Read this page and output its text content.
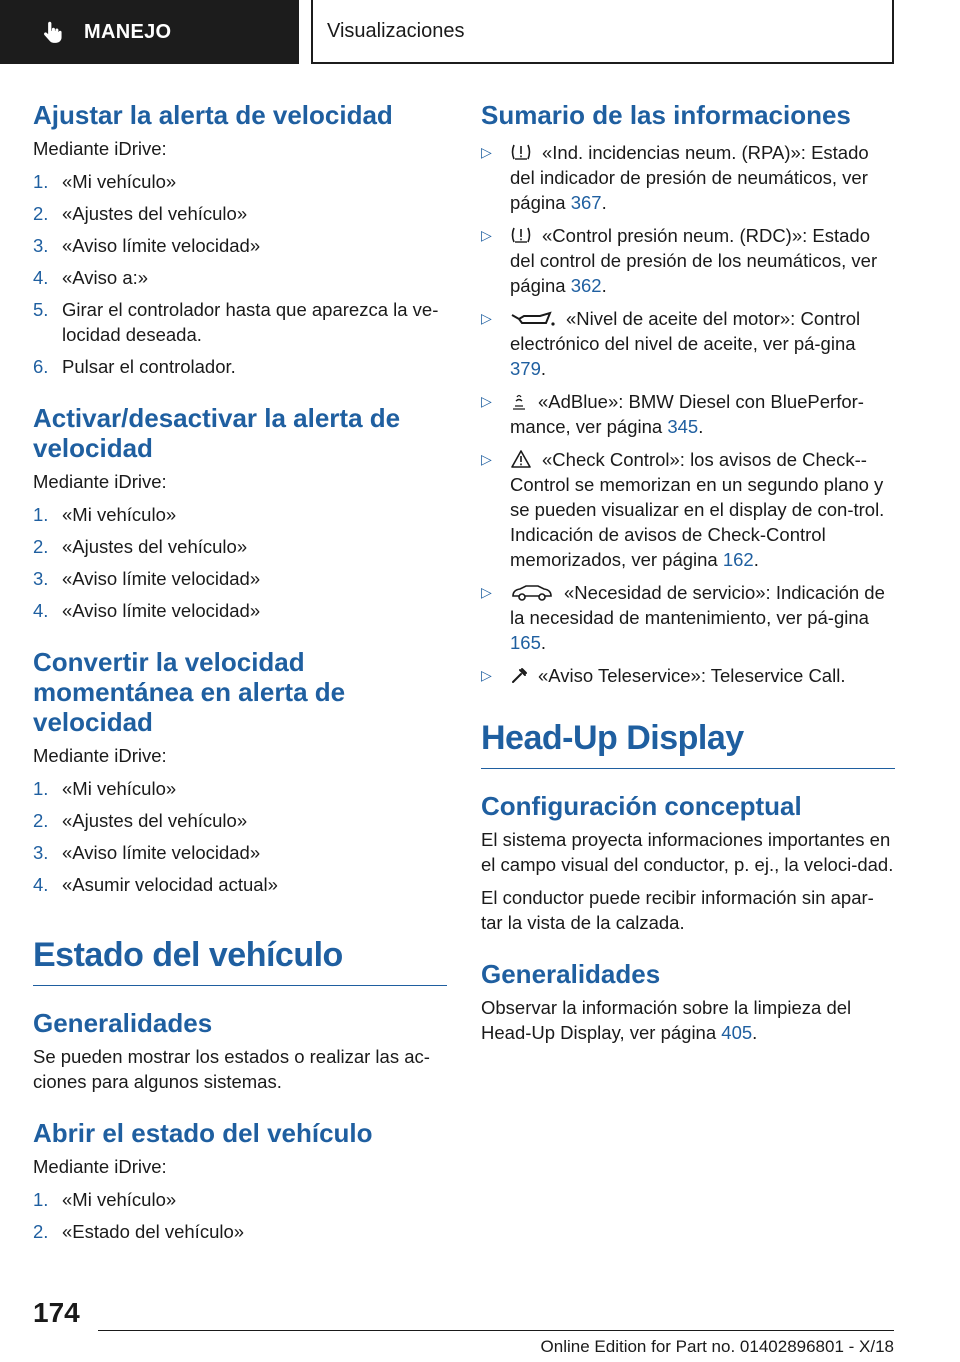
MANEJO	Visualizaciones
Ajustar la alerta de velocidad

Mediante iDrive:

1. «Mi vehículo»
2. «Ajustes del vehículo»
3. «Aviso límite velocidad»
4. «Aviso a:»
5. Girar el controlador hasta que aparezca la ve-locidad deseada.
6. Pulsar el controlador.
Activar/desactivar la alerta de velocidad

Mediante iDrive:

1. «Mi vehículo»
2. «Ajustes del vehículo»
3. «Aviso límite velocidad»
4. «Aviso límite velocidad»
Convertir la velocidad momentánea en alerta de velocidad

Mediante iDrive:

1. «Mi vehículo»
2. «Ajustes del vehículo»
3. «Aviso límite velocidad»
4. «Asumir velocidad actual»
Estado del vehículo
Generalidades

Se pueden mostrar los estados o realizar las ac-ciones para algunos sistemas.

Abrir el estado del vehículo

Mediante iDrive:

1. «Mi vehículo»
2. «Estado del vehículo»
Sumario de las informaciones
▷	«Ind. incidencias neum. (RPA)»: Estado del indicador de presión de neumáticos, ver página 367.
▷	«Control presión neum. (RDC)»: Estado del control de presión de los neumáticos, ver página 362.
▷	«Nivel de aceite del motor»: Control electrónico del nivel de aceite, ver pá-gina 379.
▷ «AdBlue»: BMW Diesel con BluePerfor-mance, ver página 345.
▷	«Check Control»: los avisos de Check--Control se memorizan en un segundo plano y se pueden visualizar en el display de con-trol. Indicación de avisos de Check-Control memorizados, ver página 162.
▷	«Necesidad de servicio»: Indicación de la necesidad de mantenimiento, ver pá-gina 165.
▷ «Aviso Teleservice»: Teleservice Call.
Head-Up Display
Configuración conceptual

El sistema proyecta informaciones importantes en el campo visual del conductor, p. ej., la veloci-dad.

El conductor puede recibir información sin apar-tar la vista de la calzada.

Generalidades

Observar la información sobre la limpieza del Head-Up Display, ver página 405.

174
Online Edition for Part no. 01402896801 - X/18
